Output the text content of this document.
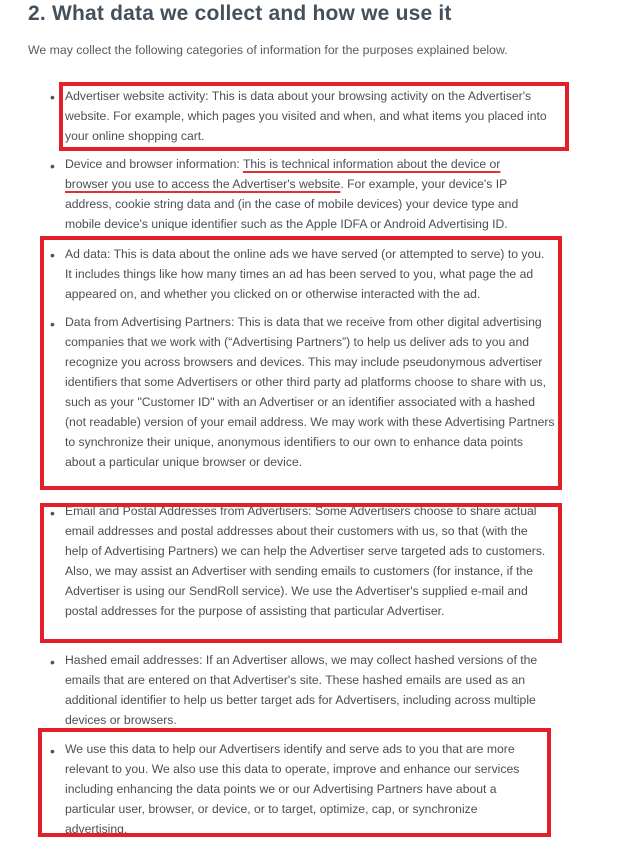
2. What data we collect and how we use it

We may collect the following categories of information for the purposes explained below.

• Advertiser website activity: This is data about your browsing activity on the Advertiser's website. For example, which pages you visited and when, and what items you placed into your online shopping cart.

• Device and browser information: This is technical information about the device or browser you use to access the Advertiser's website. For example, your device's IP address, cookie string data and (in the case of mobile devices) your device type and mobile device's unique identifier such as the Apple IDFA or Android Advertising ID.

• Ad data: This is data about the online ads we have served (or attempted to serve) to you. It includes things like how many times an ad has been served to you, what page the ad appeared on, and whether you clicked on or otherwise interacted with the ad.

• Data from Advertising Partners: This is data that we receive from other digital advertising companies that we work with (“Advertising Partners”) to help us deliver ads to you and recognize you across browsers and devices. This may include pseudonymous advertiser identifiers that some Advertisers or other third party ad platforms choose to share with us, such as your "Customer ID" with an Advertiser or an identifier associated with a hashed (not readable) version of your email address. We may work with these Advertising Partners to synchronize their unique, anonymous identifiers to our own to enhance data points about a particular unique browser or device.

• Email and Postal Addresses from Advertisers: Some Advertisers choose to share actual email addresses and postal addresses about their customers with us, so that (with the help of Advertising Partners) we can help the Advertiser serve targeted ads to customers. Also, we may assist an Advertiser with sending emails to customers (for instance, if the Advertiser is using our SendRoll service). We use the Advertiser's supplied e-mail and postal addresses for the purpose of assisting that particular Advertiser.

• Hashed email addresses: If an Advertiser allows, we may collect hashed versions of the emails that are entered on that Advertiser's site. These hashed emails are used as an additional identifier to help us better target ads for Advertisers, including across multiple devices or browsers.

• We use this data to help our Advertisers identify and serve ads to you that are more relevant to you. We also use this data to operate, improve and enhance our services including enhancing the data points we or our Advertising Partners have about a particular user, browser, or device, or to target, optimize, cap, or synchronize advertising.
